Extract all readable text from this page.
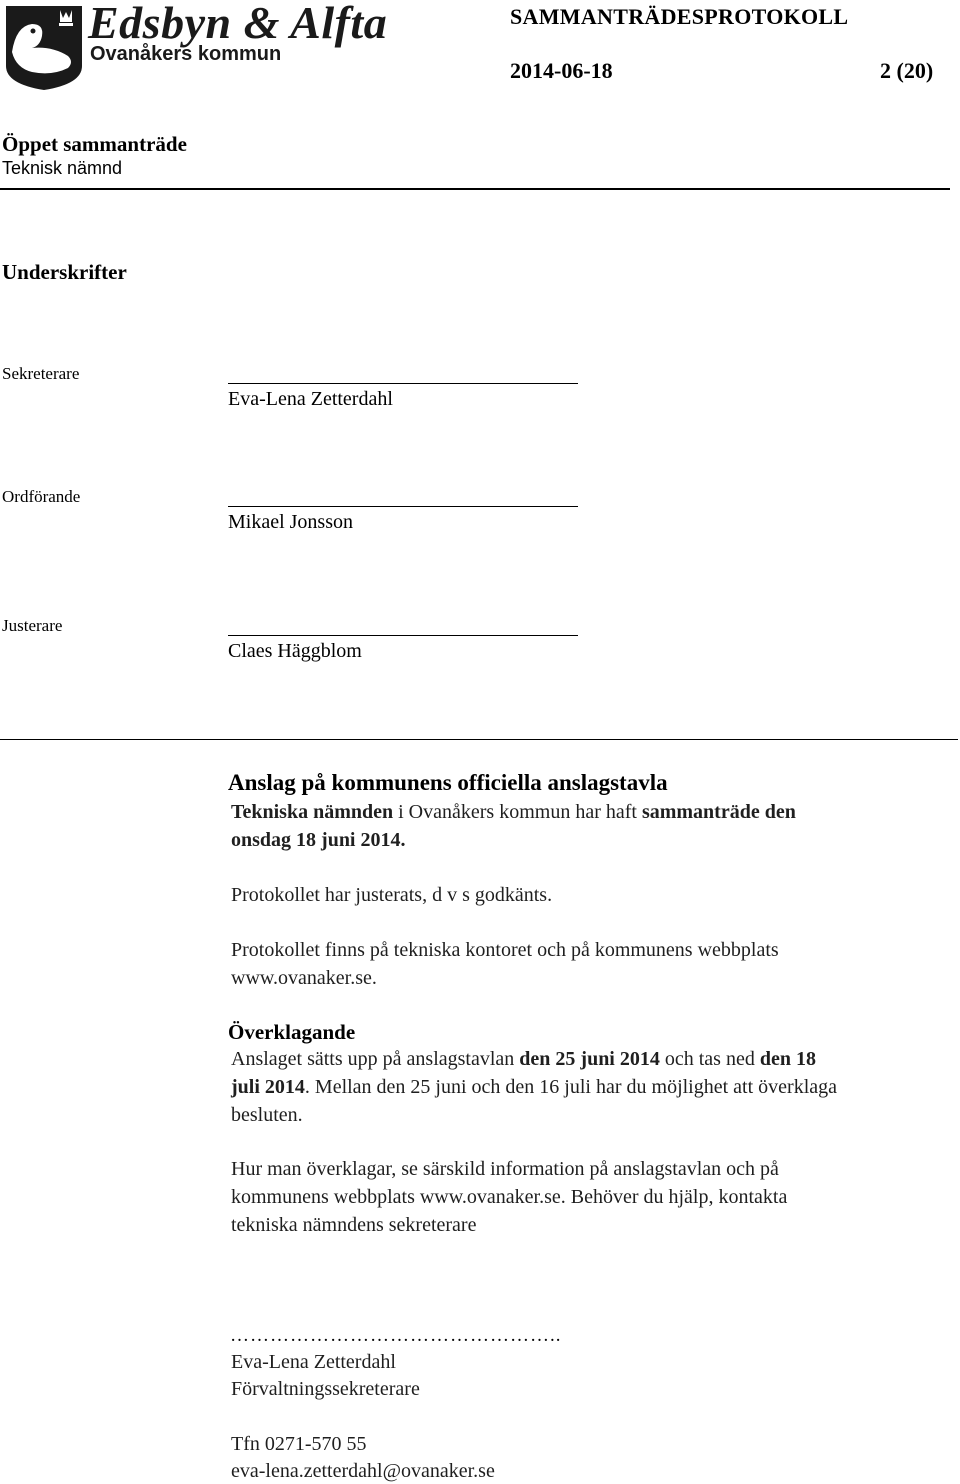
Edsbyn & Alfta
Ovanåkers kommun
SAMMANTRÄDESPROTOKOLL
2014-06-18	2 (20)
Öppet sammanträde
Teknisk nämnd
Underskrifter
Sekreterare
Eva-Lena Zetterdahl
Ordförande
Mikael Jonsson
Justerare
Claes Häggblom
Anslag på kommunens officiella anslagstavla
Tekniska nämnden i Ovanåkers kommun har haft sammanträde den
onsdag 18 juni 2014.
Protokollet har justerats, d v s godkänts.
Protokollet finns på tekniska kontoret och på kommunens webbplats
www.ovanaker.se.
Överklagande
Anslaget sätts upp på anslagstavlan den 25 juni 2014 och tas ned den 18
juli 2014. Mellan den 25 juni och den 16 juli har du möjlighet att överklaga
besluten.
Hur man överklagar, se särskild information på anslagstavlan och på
kommunens webbplats www.ovanaker.se. Behöver du hjälp, kontakta
tekniska nämndens sekreterare
…………………………………………..
Eva-Lena Zetterdahl
Förvaltningssekreterare
Tfn 0271-570 55
eva-lena.zetterdahl@ovanaker.se
